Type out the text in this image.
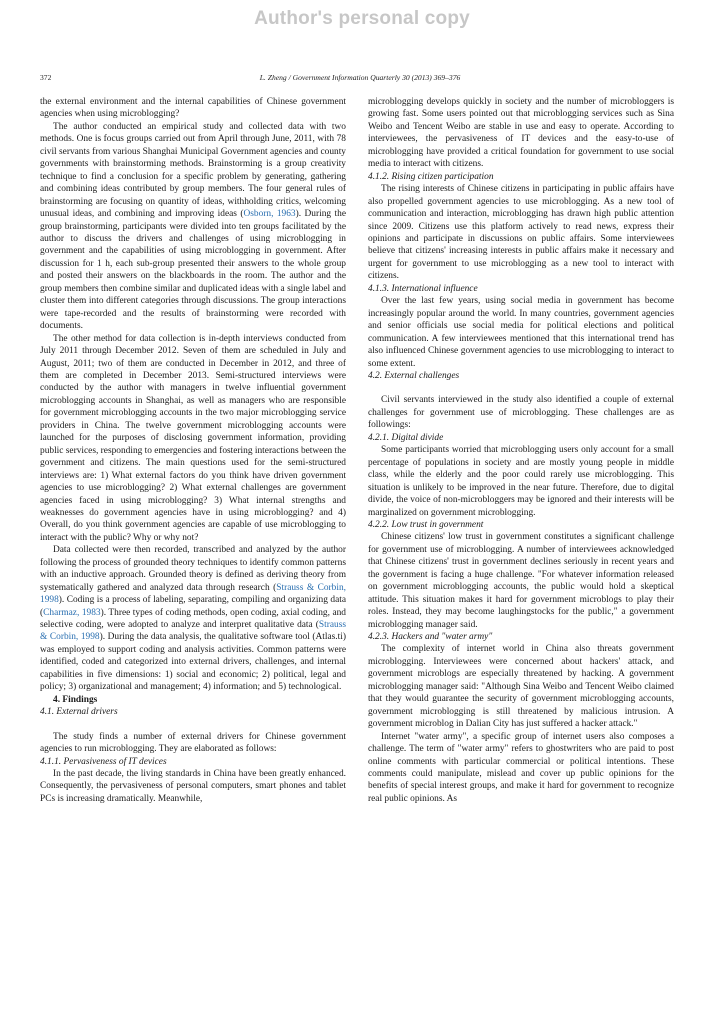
Author's personal copy
L. Zheng / Government Information Quarterly 30 (2013) 369–376
372

the external environment and the internal capabilities of Chinese government agencies when using microblogging?

The author conducted an empirical study and collected data with two methods. One is focus groups carried out from April through June, 2011, with 78 civil servants from various Shanghai Municipal Government agencies and county governments with brainstorming methods. Brainstorming is a group creativity technique to find a conclusion for a specific problem by generating, gathering and combining ideas contributed by group members. The four general rules of brainstorming are focusing on quantity of ideas, withholding critics, welcoming unusual ideas, and combining and improving ideas (Osborn, 1963). During the group brainstorming, participants were divided into ten groups facilitated by the author to discuss the drivers and challenges of using microblogging in government and the capabilities of using microblogging in government. After discussion for 1 h, each sub-group presented their answers to the whole group and posted their answers on the blackboards in the room. The author and the group members then combine similar and duplicated ideas with a single label and cluster them into different categories through discussions. The group interactions were tape-recorded and the results of brainstorming were recorded with documents.

The other method for data collection is in-depth interviews conducted from July 2011 through December 2012. Seven of them are scheduled in July and August, 2011; two of them are conducted in December in 2012, and three of them are completed in December 2013. Semi-structured interviews were conducted by the author with managers in twelve influential government microblogging accounts in Shanghai, as well as managers who are responsible for government microblogging accounts in the two major microblogging service providers in China. The twelve government microblogging accounts were launched for the purposes of disclosing government information, providing public services, responding to emergencies and fostering interactions between the government and citizens. The main questions used for the semi-structured interviews are: 1) What external factors do you think have driven government agencies to use microblogging? 2) What external challenges are government agencies faced in using microblogging? 3) What internal strengths and weaknesses do government agencies have in using microblogging? and 4) Overall, do you think government agencies are capable of use microblogging to interact with the public? Why or why not?

Data collected were then recorded, transcribed and analyzed by the author following the process of grounded theory techniques to identify common patterns with an inductive approach. Grounded theory is defined as deriving theory from systematically gathered and analyzed data through research (Strauss & Corbin, 1998). Coding is a process of labeling, separating, compiling and organizing data (Charmaz, 1983). Three types of coding methods, open coding, axial coding, and selective coding, were adopted to analyze and interpret qualitative data (Strauss & Corbin, 1998). During the data analysis, the qualitative software tool (Atlas.ti) was employed to support coding and analysis activities. Common patterns were identified, coded and categorized into external drivers, challenges, and internal capabilities in five dimensions: 1) social and economic; 2) political, legal and policy; 3) organizational and management; 4) information; and 5) technological.

4. Findings

4.1. External drivers

The study finds a number of external drivers for Chinese government agencies to run microblogging. They are elaborated as follows:

4.1.1. Pervasiveness of IT devices

In the past decade, the living standards in China have been greatly enhanced. Consequently, the pervasiveness of personal computers, smart phones and tablet PCs is increasing dramatically. Meanwhile,

microblogging develops quickly in society and the number of microbloggers is growing fast. Some users pointed out that microblogging services such as Sina Weibo and Tencent Weibo are stable in use and easy to operate. According to interviewees, the pervasiveness of IT devices and the easy-to-use of microblogging have provided a critical foundation for government to use social media to interact with citizens.

4.1.2. Rising citizen participation

The rising interests of Chinese citizens in participating in public affairs have also propelled government agencies to use microblogging. As a new tool of communication and interaction, microblogging has drawn high public attention since 2009. Citizens use this platform actively to read news, express their opinions and participate in discussions on public affairs. Some interviewees believe that citizens' increasing interests in public affairs make it necessary and urgent for government to use microblogging as a new tool to interact with citizens.

4.1.3. International influence

Over the last few years, using social media in government has become increasingly popular around the world. In many countries, government agencies and senior officials use social media for political elections and political communication. A few interviewees mentioned that this international trend has also influenced Chinese government agencies to use microblogging to interact to some extent.

4.2. External challenges

Civil servants interviewed in the study also identified a couple of external challenges for government use of microblogging. These challenges are as followings:

4.2.1. Digital divide

Some participants worried that microblogging users only account for a small percentage of populations in society and are mostly young people in middle class, while the elderly and the poor could rarely use microblogging. This situation is unlikely to be improved in the near future. Therefore, due to digital divide, the voice of non-microbloggers may be ignored and their interests will be marginalized on government microblogging.

4.2.2. Low trust in government

Chinese citizens' low trust in government constitutes a significant challenge for government use of microblogging. A number of interviewees acknowledged that Chinese citizens' trust in government declines seriously in recent years and the government is facing a huge challenge. "For whatever information released on government microblogging accounts, the public would hold a skeptical attitude. This situation makes it hard for government microblogs to play their roles. Instead, they may become laughingstocks for the public," a government microblogging manager said.

4.2.3. Hackers and "water army"

The complexity of internet world in China also threats government microblogging. Interviewees were concerned about hackers' attack, and government microblogs are especially threatened by hacking. A government microblogging manager said: "Although Sina Weibo and Tencent Weibo claimed that they would guarantee the security of government microblogging accounts, government microblogging is still threatened by malicious intrusion. A government microblog in Dalian City has just suffered a hacker attack."

Internet "water army", a specific group of internet users also composes a challenge. The term of "water army" refers to ghostwriters who are paid to post online comments with particular commercial or political intentions. These comments could manipulate, mislead and cover up public opinions for the benefits of special interest groups, and make it hard for government to recognize real public opinions. As
